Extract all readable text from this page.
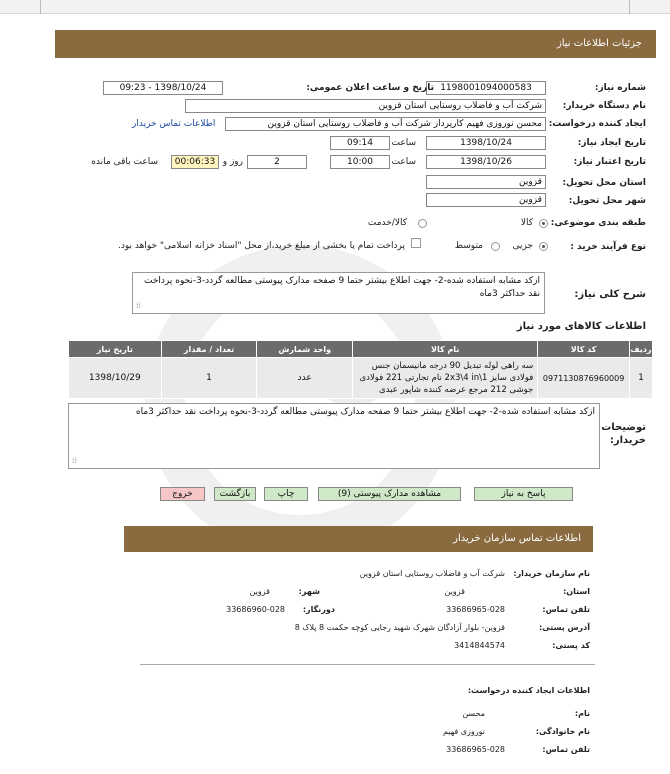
جزئیات اطلاعات نیاز
شماره نیاز:
1198001094000583
تاریخ و ساعت اعلان عمومی:
1398/10/24 - 09:23
نام دستگاه خریدار:
شرکت آب و فاضلاب روستایی استان قزوین
ایجاد کننده درخواست:
محسن نوروزی فهیم کارپرداز شرکت آب و فاضلاب روستایی استان قزوین
اطلاعات تماس خریدار
تاریخ ایجاد نیاز:
1398/10/24
ساعت
09:14
تاریخ اعتبار نیاز:
1398/10/26
ساعت
10:00
2
روز و
00:06:33
ساعت باقی مانده
استان محل تحویل:
قزوین
شهر محل تحویل:
قزوین
طبقه بندی موضوعی:
کالا
کالا/خدمت
نوع فرآیند خرید :
جزیی
متوسط
پرداخت تمام یا بخشی از مبلغ خرید،از محل "اسناد خزانه اسلامی" خواهد بود.
شرح کلی نیاز:
ازکد مشابه استفاده شده-2- جهت اطلاع بیشتر حتما 9 صفحه مدارک پیوستی مطالعه گردد-3-نحوه پرداخت نقد حداکثر 3ماه
⁞⁞
اطلاعات کالاهای مورد نیاز
ردیف	کد کالا	نام کالا	واحد شمارش	تعداد / مقدار	تاریخ نیاز
1	0971130876960009	سه راهی لوله تبدیل 90 درجه مانیسمان جنس فولادی سایز 2x3\4 in\1 نام تجارتی 221 فولادی جوشی 212 مرجع عرضه کننده شاپور عبدی	عدد	1	1398/10/29
توضیحات خریدار:
ازکد مشابه استفاده شده-2- جهت اطلاع بیشتر حتما 9 صفحه مدارک پیوستی مطالعه گردد-3-نحوه پرداخت نقد حداکثر 3ماه
⁞⁞
پاسخ به نیاز
مشاهده مدارک پیوستی (9)
چاپ
بازگشت
خروج
اطلاعات تماس سازمان خریدار
نام سازمان خریدار:
شرکت آب و فاضلاب روستایی استان قزوین
استان:
قزوین
شهر:
قزوین
تلفن تماس:
33686965-028
دورنگار:
33686960-028
آدرس پستی:
قزوین- بلوار آزادگان شهرک شهید رجایی کوچه حکمت 8 پلاک 8
کد پستی:
3414844574
اطلاعات ایجاد کننده درخواست:
نام:
محسن
نام خانوادگی:
نوروزی فهیم
تلفن تماس:
33686965-028
